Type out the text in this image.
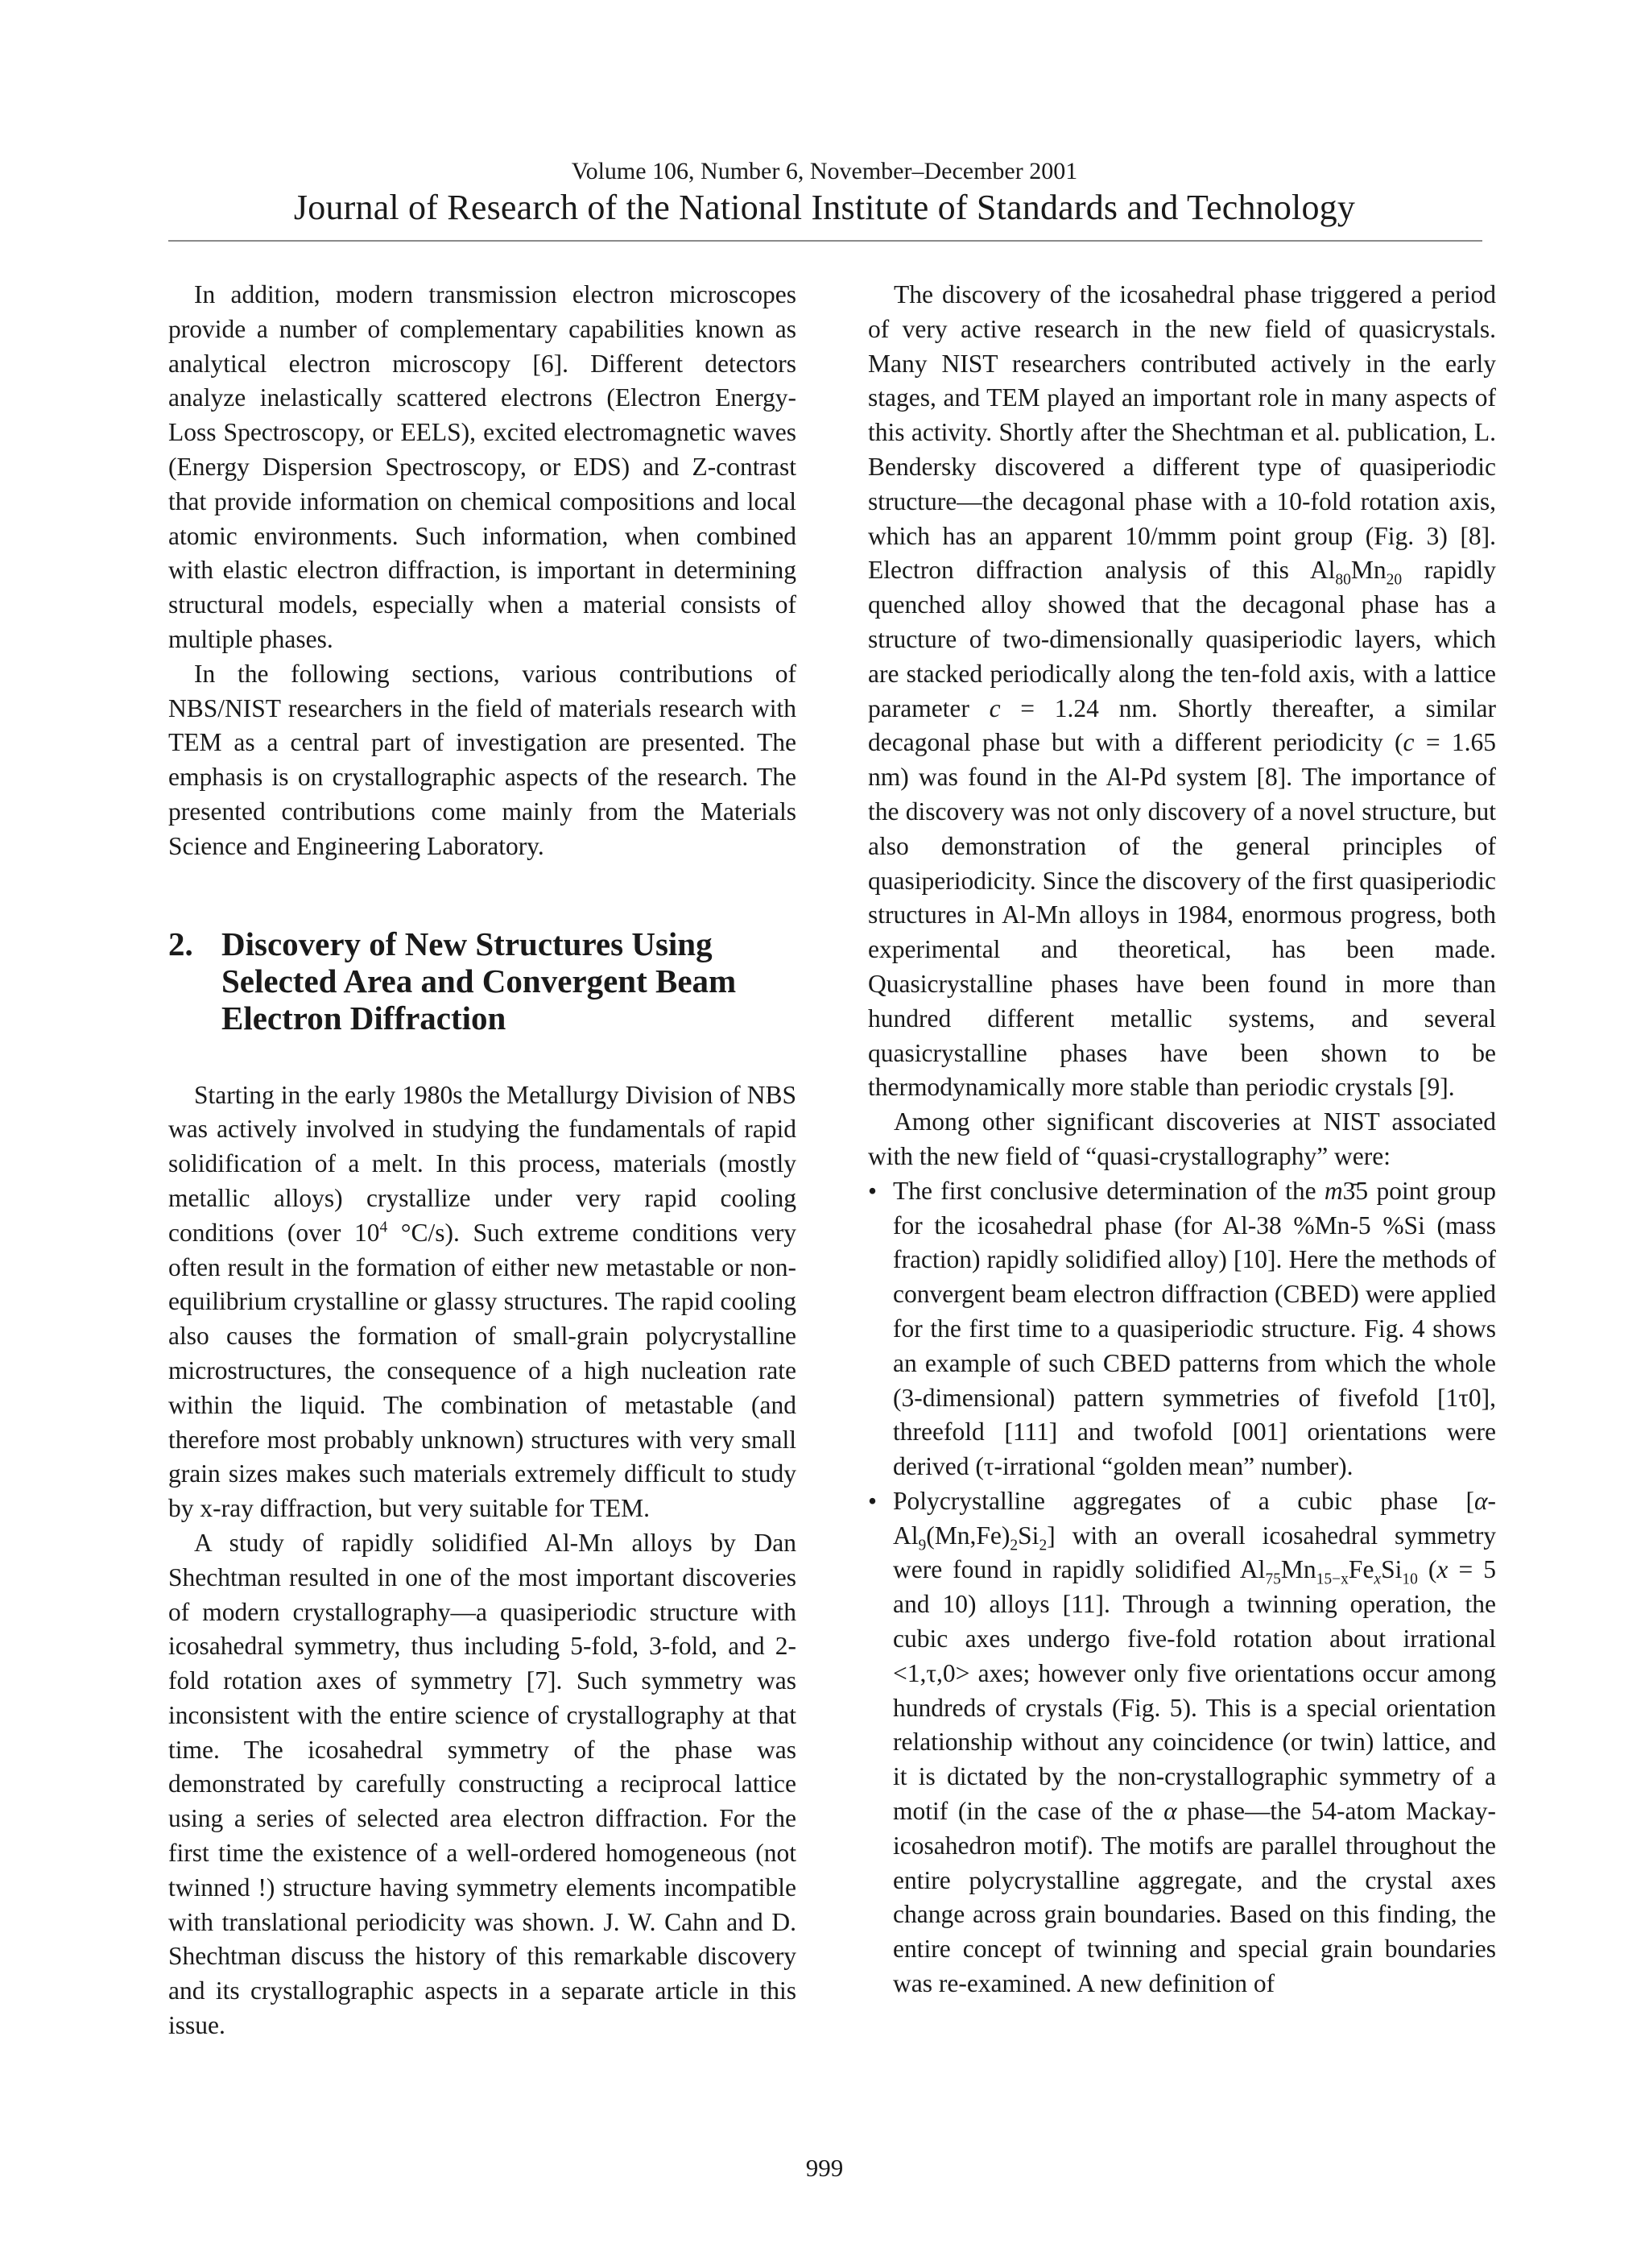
Volume 106, Number 6, November–December 2001
Journal of Research of the National Institute of Standards and Technology

In addition, modern transmission electron microscopes provide a number of complementary capabilities known as analytical electron microscopy [6]. Different detectors analyze inelastically scattered electrons (Electron Energy-Loss Spectroscopy, or EELS), excited electromagnetic waves (Energy Dispersion Spectroscopy, or EDS) and Z-contrast that provide information on chemical compositions and local atomic environments. Such information, when combined with elastic electron diffraction, is important in determining structural models, especially when a material consists of multiple phases.

In the following sections, various contributions of NBS/NIST researchers in the field of materials research with TEM as a central part of investigation are presented. The emphasis is on crystallographic aspects of the research. The presented contributions come mainly from the Materials Science and Engineering Laboratory.

2. Discovery of New Structures Using Selected Area and Convergent Beam Electron Diffraction

Starting in the early 1980s the Metallurgy Division of NBS was actively involved in studying the fundamentals of rapid solidification of a melt. In this process, materials (mostly metallic alloys) crystallize under very rapid cooling conditions (over $10^4$ °C/s). Such extreme conditions very often result in the formation of either new metastable or non-equilibrium crystalline or glassy structures. The rapid cooling also causes the formation of small-grain polycrystalline microstructures, the consequence of a high nucleation rate within the liquid. The combination of metastable (and therefore most probably unknown) structures with very small grain sizes makes such materials extremely difficult to study by x-ray diffraction, but very suitable for TEM.

A study of rapidly solidified Al-Mn alloys by Dan Shechtman resulted in one of the most important discoveries of modern crystallography—a quasiperiodic structure with icosahedral symmetry, thus including 5-fold, 3-fold, and 2-fold rotation axes of symmetry [7]. Such symmetry was inconsistent with the entire science of crystallography at that time. The icosahedral symmetry of the phase was demonstrated by carefully constructing a reciprocal lattice using a series of selected area electron diffraction. For the first time the existence of a well-ordered homogeneous (not twinned !) structure having symmetry elements incompatible with translational periodicity was shown. J. W. Cahn and D. Shechtman discuss the history of this remarkable discovery and its crystallographic aspects in a separate article in this issue.

The discovery of the icosahedral phase triggered a period of very active research in the new field of quasicrystals. Many NIST researchers contributed actively in the early stages, and TEM played an important role in many aspects of this activity. Shortly after the Shechtman et al. publication, L. Bendersky discovered a different type of quasiperiodic structure—the decagonal phase with a 10-fold rotation axis, which has an apparent 10/mmm point group (Fig. 3) [8]. Electron diffraction analysis of this $Al_{80}Mn_{20}$ rapidly quenched alloy showed that the decagonal phase has a structure of two-dimensionally quasiperiodic layers, which are stacked periodically along the ten-fold axis, with a lattice parameter c = 1.24 nm. Shortly thereafter, a similar decagonal phase but with a different periodicity (c = 1.65 nm) was found in the Al-Pd system [8]. The importance of the discovery was not only discovery of a novel structure, but also demonstration of the general principles of quasiperiodicity. Since the discovery of the first quasiperiodic structures in Al-Mn alloys in 1984, enormous progress, both experimental and theoretical, has been made. Quasicrystalline phases have been found in more than hundred different metallic systems, and several quasicrystalline phases have been shown to be thermodynamically more stable than periodic crystals [9].

Among other significant discoveries at NIST associated with the new field of “quasi-crystallography” were:

• The first conclusive determination of the m3̄5 point group for the icosahedral phase (for Al-38 %Mn-5 %Si (mass fraction) rapidly solidified alloy) [10]. Here the methods of convergent beam electron diffraction (CBED) were applied for the first time to a quasiperiodic structure. Fig. 4 shows an example of such CBED patterns from which the whole (3-dimensional) pattern symmetries of fivefold [1τ0], threefold [111] and twofold [001] orientations were derived (τ-irrational “golden mean” number).
• Polycrystalline aggregates of a cubic phase $[\alpha-Al_9(Mn,Fe)_2Si_2]$ with an overall icosahedral symmetry were found in rapidly solidified $Al_{75}Mn_{15-x}Fe_xSi_{10}$ (x = 5 and 10) alloys [11]. Through a twinning operation, the cubic axes undergo five-fold rotation about irrational <1,τ,0> axes; however only five orientations occur among hundreds of crystals (Fig. 5). This is a special orientation relationship without any coincidence (or twin) lattice, and it is dictated by the non-crystallographic symmetry of a motif (in the case of the α phase—the 54-atom Mackay-icosahedron motif). The motifs are parallel throughout the entire polycrystalline aggregate, and the crystal axes change across grain boundaries. Based on this finding, the entire concept of twinning and special grain boundaries was re-examined. A new definition of
999
